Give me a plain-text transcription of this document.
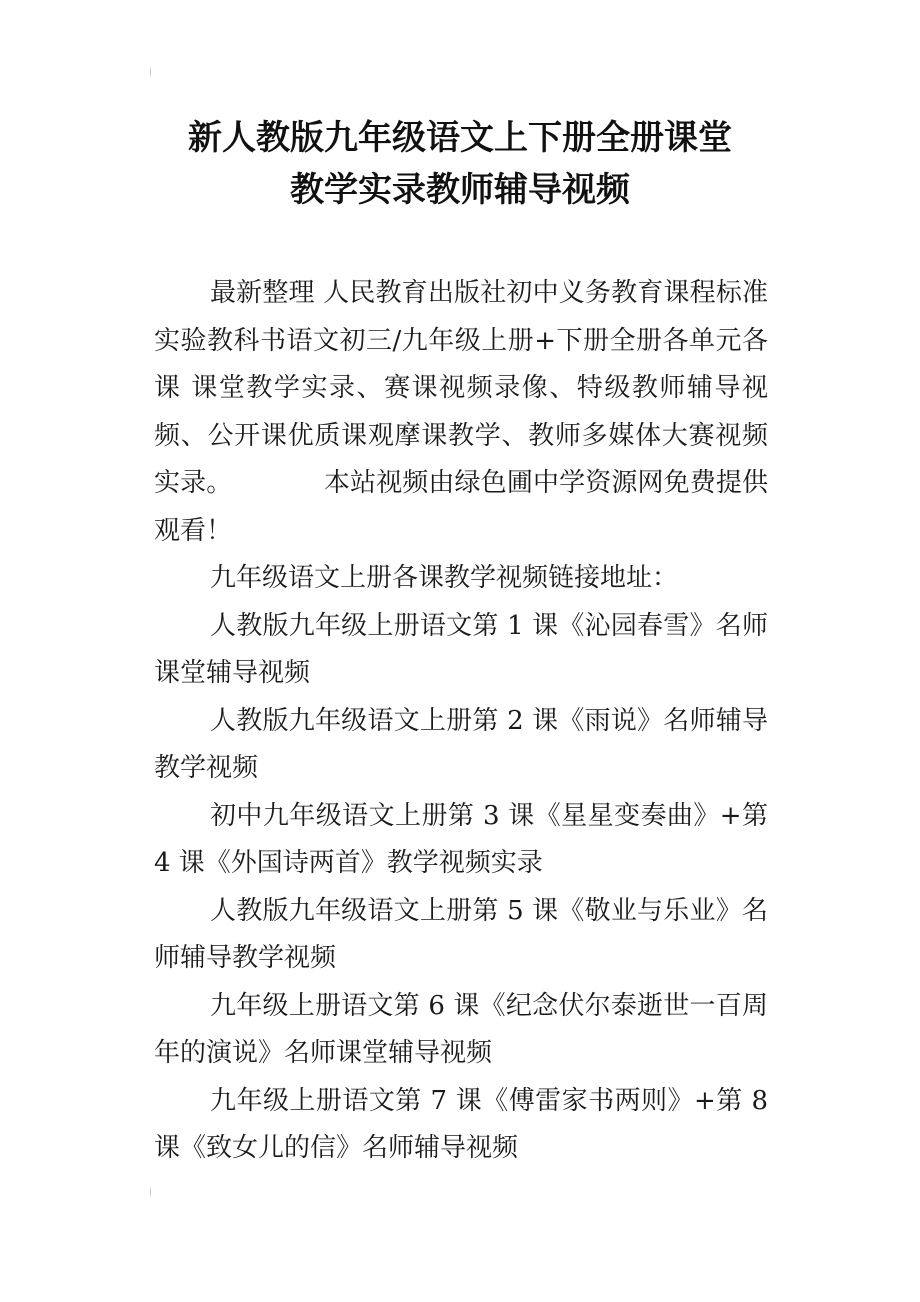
新人教版九年级语文上下册全册课堂
教学实录教师辅导视频

最新整理 人民教育出版社初中义务教育课程标准实验教科书语文初三/九年级上册+下册全册各单元各课 课堂教学实录、赛课视频录像、特级教师辅导视频、公开课优质课观摩课教学、教师多媒体大赛视频实录。　　　　本站视频由绿色圃中学资源网免费提供观看！

九年级语文上册各课教学视频链接地址：

人教版九年级上册语文第 1 课《沁园春雪》名师课堂辅导视频

人教版九年级语文上册第 2 课《雨说》名师辅导教学视频

初中九年级语文上册第 3 课《星星变奏曲》+第 4 课《外国诗两首》教学视频实录

人教版九年级语文上册第 5 课《敬业与乐业》名师辅导教学视频

九年级上册语文第 6 课《纪念伏尔泰逝世一百周年的演说》名师课堂辅导视频

九年级上册语文第 7 课《傅雷家书两则》+第 8 课《致女儿的信》名师辅导视频
